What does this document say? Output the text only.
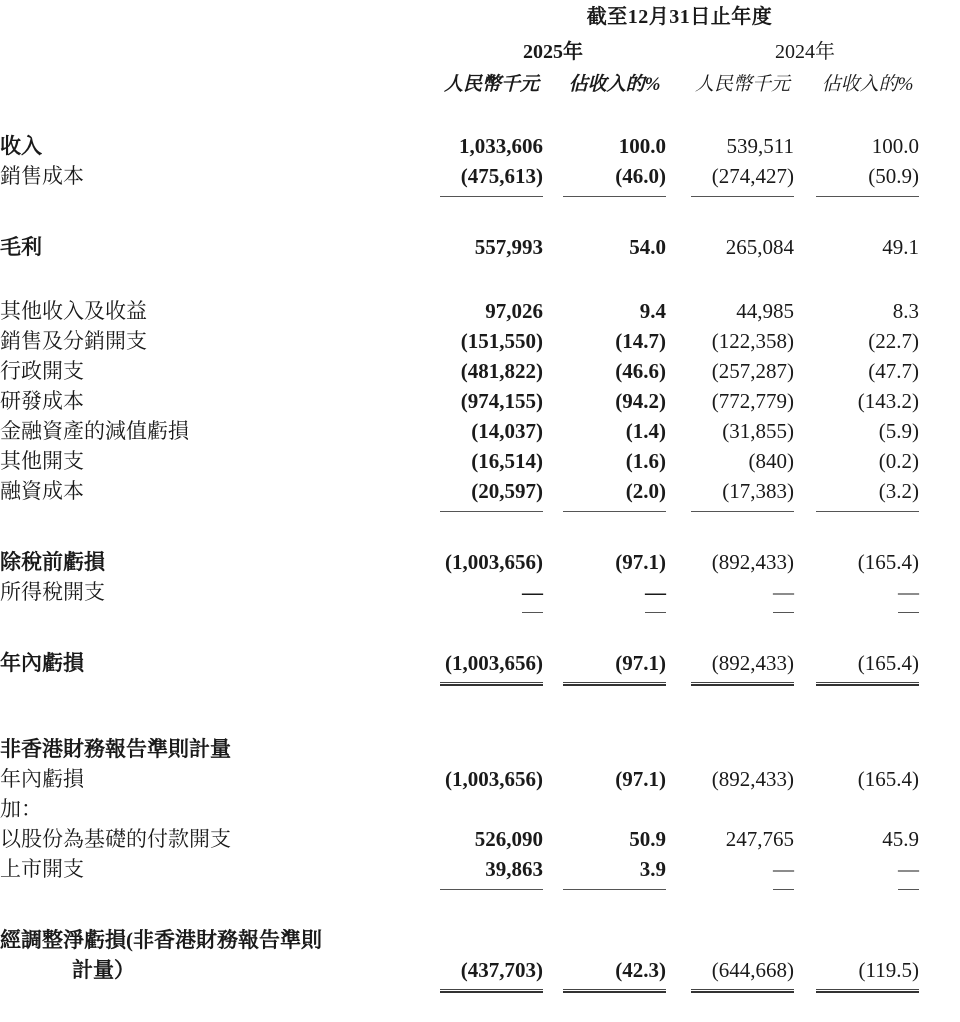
	截至12月31日止年度							
	2025年				2024年			
	人民幣千元		佔收入的%		人民幣千元		佔收入的%	

收入	1,033,606		100.0		539,511		100.0	
銷售成本	(475,613)		(46.0)		(274,427)		(50.9)	

毛利	557,993		54.0		265,084		49.1	

其他收入及收益	97,026		9.4		44,985		8.3	
銷售及分銷開支	(151,550)		(14.7)		(122,358)		(22.7)	
行政開支	(481,822)		(46.6)		(257,287)		(47.7)	
研發成本	(974,155)		(94.2)		(772,779)		(143.2)	
金融資產的減值虧損	(14,037)		(1.4)		(31,855)		(5.9)	
其他開支	(16,514)		(1.6)		(840)		(0.2)	
融資成本	(20,597)		(2.0)		(17,383)		(3.2)	

除稅前虧損	(1,003,656)		(97.1)		(892,433)		(165.4)	
所得稅開支	—		—		—		—	

年內虧損	(1,003,656)		(97.1)		(892,433)		(165.4)	

非香港財務報告準則計量								
年內虧損	(1,003,656)		(97.1)		(892,433)		(165.4)	
加：								
以股份為基礎的付款開支	526,090		50.9		247,765		45.9	
上市開支	39,863		3.9		—		—	

經調整淨虧損(非香港財務報告準則								
計量）	(437,703)		(42.3)		(644,668)		(119.5)	
